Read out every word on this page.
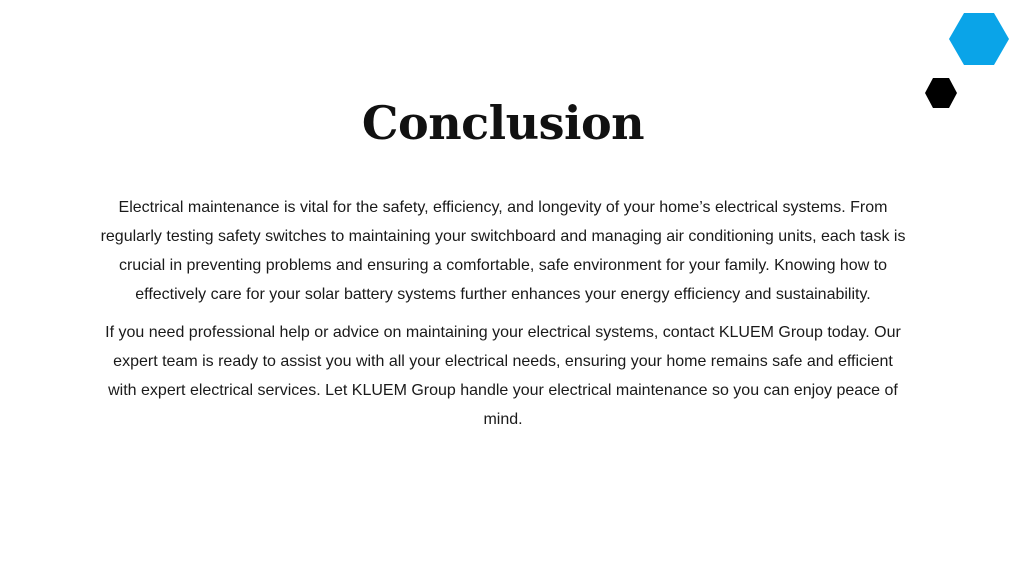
Conclusion

Electrical maintenance is vital for the safety, efficiency, and longevity of your home’s electrical systems. From regularly testing safety switches to maintaining your switchboard and managing air conditioning units, each task is crucial in preventing problems and ensuring a comfortable, safe environment for your family. Knowing how to effectively care for your solar battery systems further enhances your energy efficiency and sustainability.

If you need professional help or advice on maintaining your electrical systems, contact KLUEM Group today. Our expert team is ready to assist you with all your electrical needs, ensuring your home remains safe and efficient with expert electrical services. Let KLUEM Group handle your electrical maintenance so you can enjoy peace of mind.
